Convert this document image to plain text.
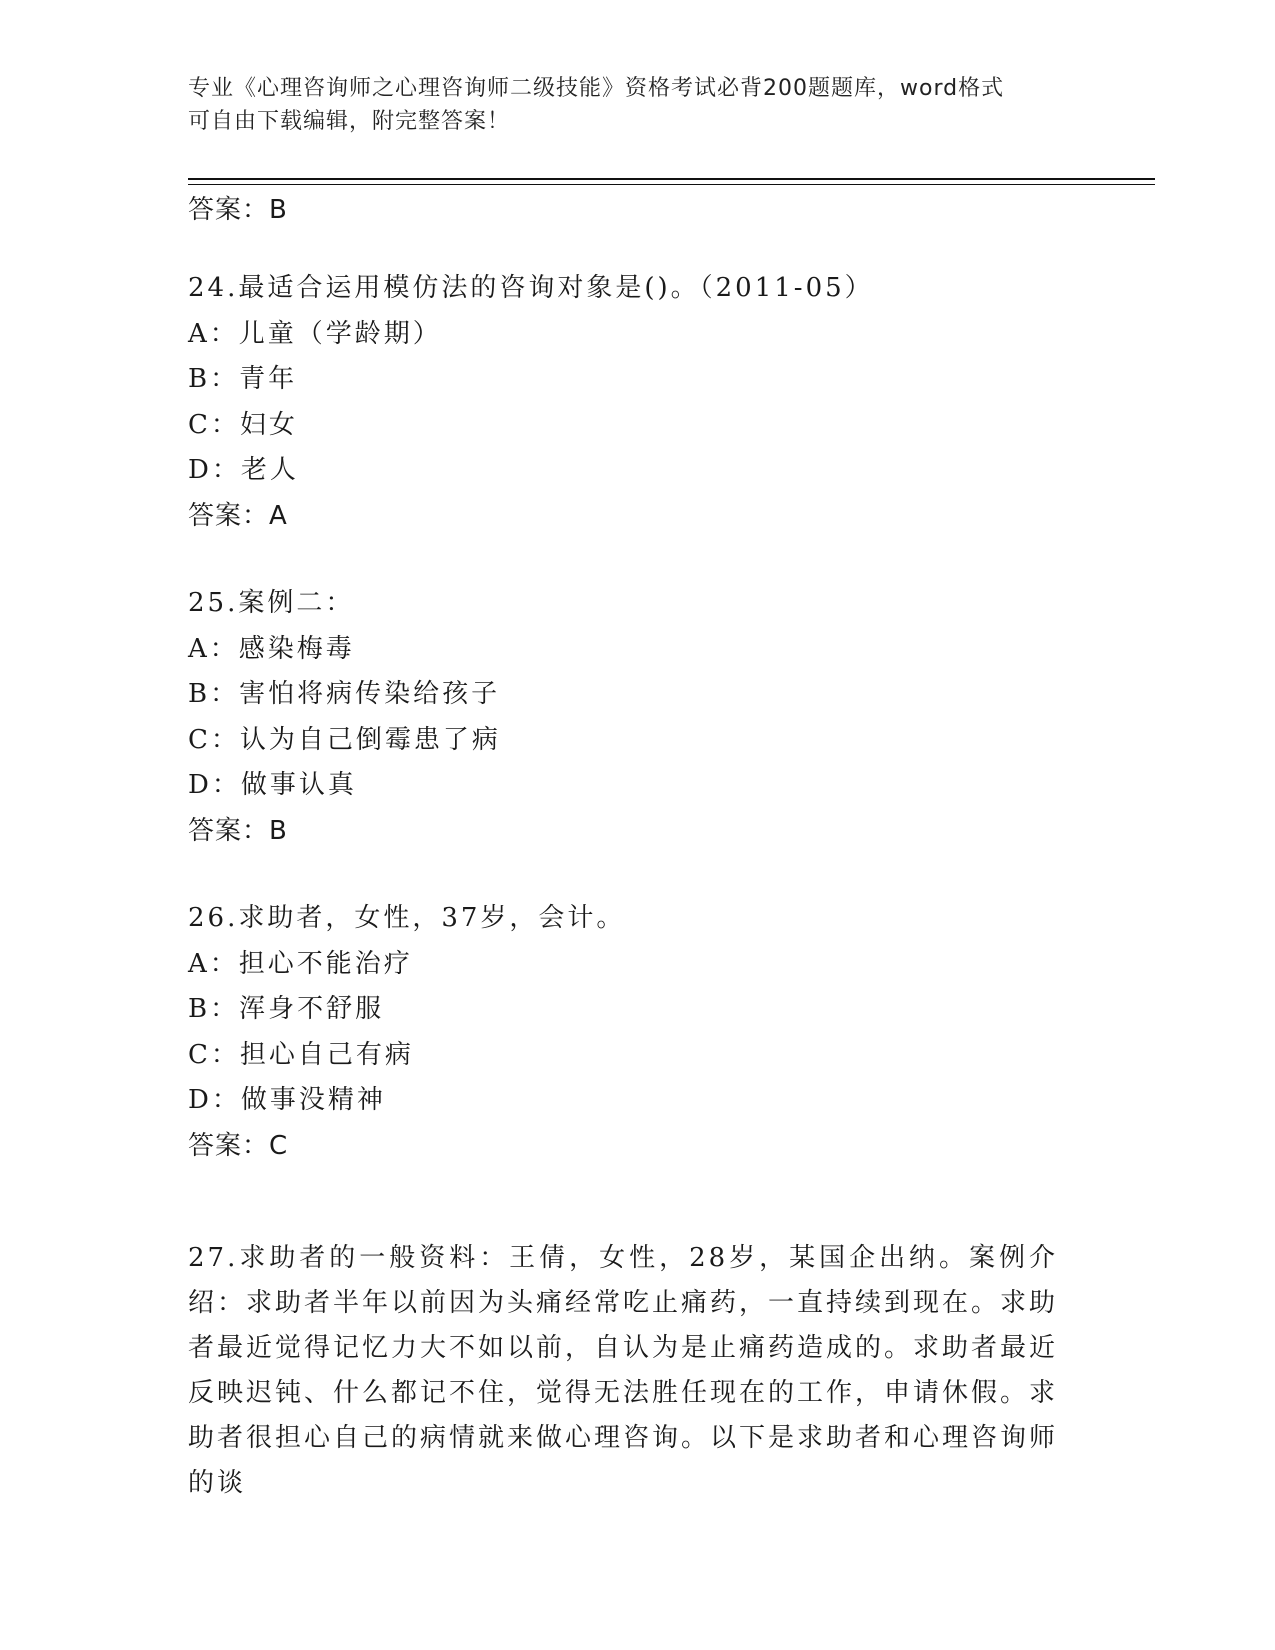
专业《心理咨询师之心理咨询师二级技能》资格考试必背200题题库，word格式
可自由下载编辑，附完整答案！
答案：B
24.最适合运用模仿法的咨询对象是()。（2011-05）
A：儿童（学龄期）
B：青年
C：妇女
D：老人
答案：A
25.案例二：
A：感染梅毒
B：害怕将病传染给孩子
C：认为自己倒霉患了病
D：做事认真
答案：B
26.求助者，女性，37岁，会计。
A：担心不能治疗
B：浑身不舒服
C：担心自己有病
D：做事没精神
答案：C
27.求助者的一般资料：王倩，女性，28岁，某国企出纳。案例介绍：求助者半年以前因为头痛经常吃止痛药，一直持续到现在。求助者最近觉得记忆力大不如以前，自认为是止痛药造成的。求助者最近反映迟钝、什么都记不住，觉得无法胜任现在的工作，申请休假。求助者很担心自己的病情就来做心理咨询。以下是求助者和心理咨询师的谈
